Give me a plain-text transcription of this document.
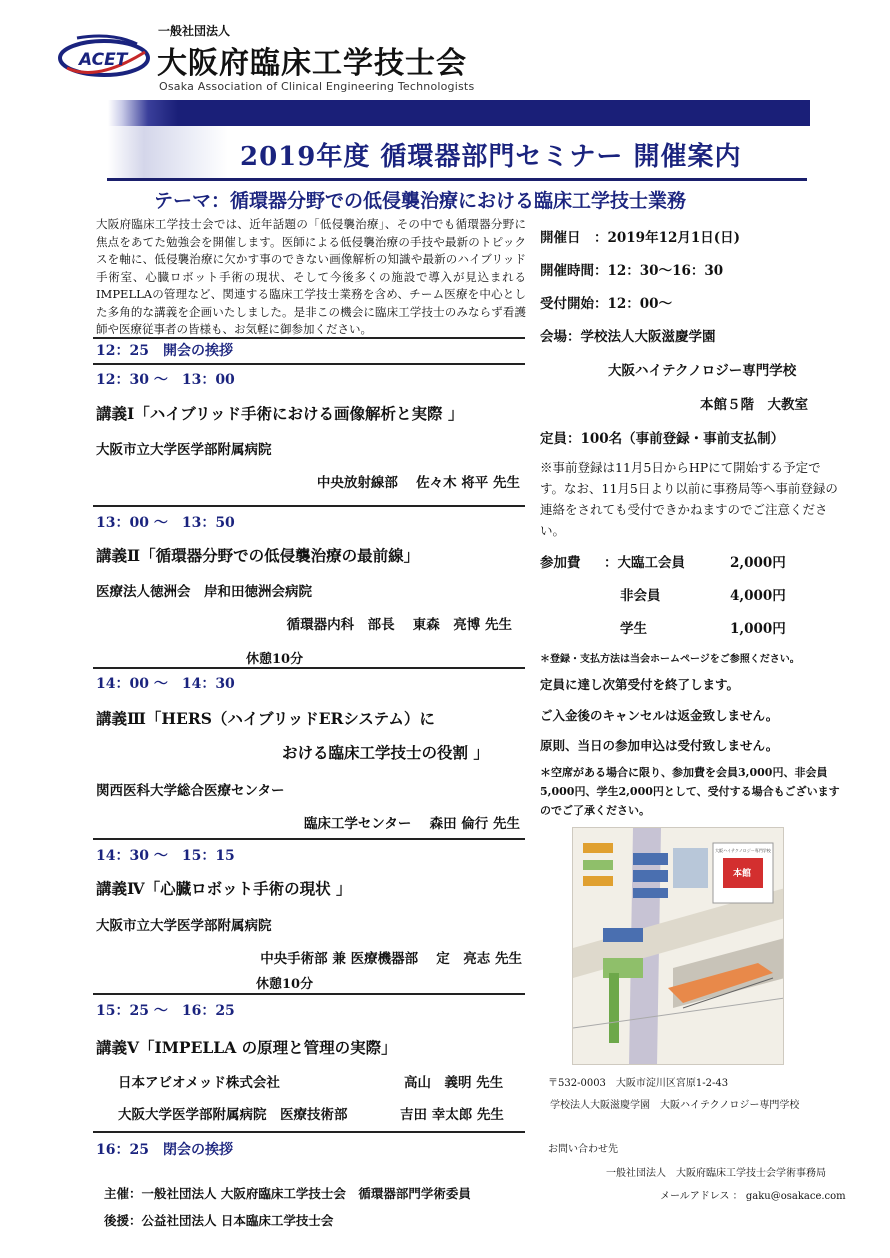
ACET
一般社団法人
大阪府臨床工学技士会
Osaka Association of Clinical Engineering Technologists
2019年度 循環器部門セミナー 開催案内
テーマ：循環器分野での低侵襲治療における臨床工学技士業務
大阪府臨床工学技士会では、近年話題の「低侵襲治療」、その中でも循環器分野に焦点をあてた勉強会を開催します。医師による低侵襲治療の手技や最新のトピックスを軸に、低侵襲治療に欠かす事のできない画像解析の知識や最新のハイブリッド手術室、心臓ロボット手術の現状、そして今後多くの施設で導入が見込まれるIMPELLAの管理など、関連する臨床工学技士業務を含め、チーム医療を中心とした多角的な講義を企画いたしました。是非この機会に臨床工学技士のみならず看護師や医療従事者の皆様も、お気軽に御参加ください。
12：25　開会の挨拶
12：30 ～　13：00
講義Ⅰ「ハイブリッド手術における画像解析と実際 」
大阪市立大学医学部附属病院
中央放射線部　 佐々木 将平 先生
13：00 ～　13：50
講義Ⅱ「循環器分野での低侵襲治療の最前線」
医療法人徳洲会　岸和田徳洲会病院
循環器内科　部長　 東森　亮博 先生
休憩10分
14：00 ～　14：30
講義Ⅲ「HERS（ハイブリッドERシステム）に
おける臨床工学技士の役割 」
関西医科大学総合医療センター
臨床工学センター　 森田 倫行 先生
14：30 ～　15：15
講義Ⅳ「心臓ロボット手術の現状 」
大阪市立大学医学部附属病院
中央手術部 兼 医療機器部　 定　亮志 先生
休憩10分
15：25 ～　16：25
講義Ⅴ「IMPELLA の原理と管理の実際」
日本アビオメッド株式会社	高山　義明 先生
大阪大学医学部附属病院　医療技術部	吉田 幸太郎 先生
16：25　閉会の挨拶
開催日　：2019年12月1日(日)
開催時間：12：30～16：30
受付開始：12：00～
会場：学校法人大阪滋慶学園
大阪ハイテクノロジー専門学校
本館５階　大教室
定員：100名（事前登録・事前支払制）
※事前登録は11月5日からHPにて開始する予定です。なお、11月5日より以前に事務局等へ事前登録の連絡をされても受付できかねますのでご注意ください。
参加費 ：大臨工会員	2,000円
非会員	4,000円
学生	1,000円
＊登録・支払方法は当会ホームページをご参照ください。
定員に達し次第受付を終了します。
ご入金後のキャンセルは返金致しません。
原則、当日の参加申込は受付致しません。
＊空席がある場合に限り、参加費を会員3,000円、非会員5,000円、学生2,000円として、受付する場合もございますのでご了承ください。
本館
大阪ハイテクノロジー専門学校
〒532-0003　大阪市淀川区宮原1-2-43
学校法人大阪滋慶学園　大阪ハイテクノロジー専門学校
お問い合わせ先
一般社団法人　大阪府臨床工学技士会学術事務局
メールアドレス ： gaku@osakace.com
主催：一般社団法人 大阪府臨床工学技士会　循環器部門学術委員
後援：公益社団法人 日本臨床工学技士会
